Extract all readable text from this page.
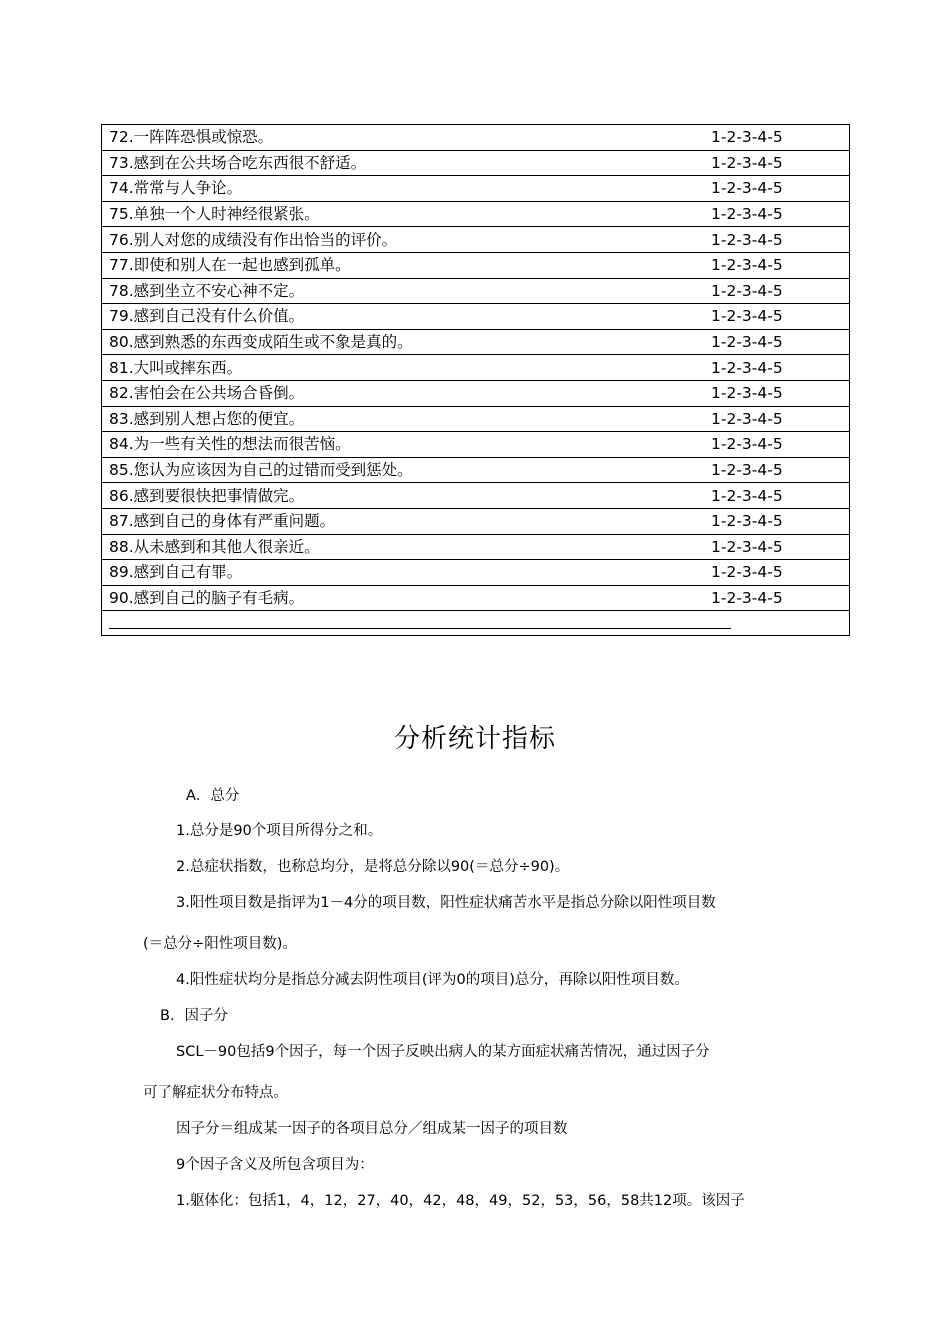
72.一阵阵恐惧或惊恐。	1-2-3-4-5
73.感到在公共场合吃东西很不舒适。	1-2-3-4-5
74.常常与人争论。	1-2-3-4-5
75.单独一个人时神经很紧张。	1-2-3-4-5
76.别人对您的成绩没有作出恰当的评价。	1-2-3-4-5
77.即使和别人在一起也感到孤单。	1-2-3-4-5
78.感到坐立不安心神不定。	1-2-3-4-5
79.感到自己没有什么价值。	1-2-3-4-5
80.感到熟悉的东西变成陌生或不象是真的。	1-2-3-4-5
81.大叫或摔东西。	1-2-3-4-5
82.害怕会在公共场合昏倒。	1-2-3-4-5
83.感到别人想占您的便宜。	1-2-3-4-5
84.为一些有关性的想法而很苦恼。	1-2-3-4-5
85.您认为应该因为自己的过错而受到惩处。	1-2-3-4-5
86.感到要很快把事情做完。	1-2-3-4-5
87.感到自己的身体有严重问题。	1-2-3-4-5
88.从未感到和其他人很亲近。	1-2-3-4-5
89.感到自己有罪。	1-2-3-4-5
90.感到自己的脑子有毛病。	1-2-3-4-5

分析统计指标
A．总分
1.总分是90个项目所得分之和。
2.总症状指数，也称总均分，是将总分除以90(＝总分÷90)。
3.阳性项目数是指评为1－4分的项目数，阳性症状痛苦水平是指总分除以阳性项目数
(＝总分÷阳性项目数)。
4.阳性症状均分是指总分减去阴性项目(评为0的项目)总分，再除以阳性项目数。
B．因子分
SCL－90包括9个因子，每一个因子反映出病人的某方面症状痛苦情况，通过因子分
可了解症状分布特点。
因子分＝组成某一因子的各项目总分／组成某一因子的项目数
9个因子含义及所包含项目为：
1.躯体化：包括1，4，12，27，40，42，48，49，52，53，56，58共12项。该因子
